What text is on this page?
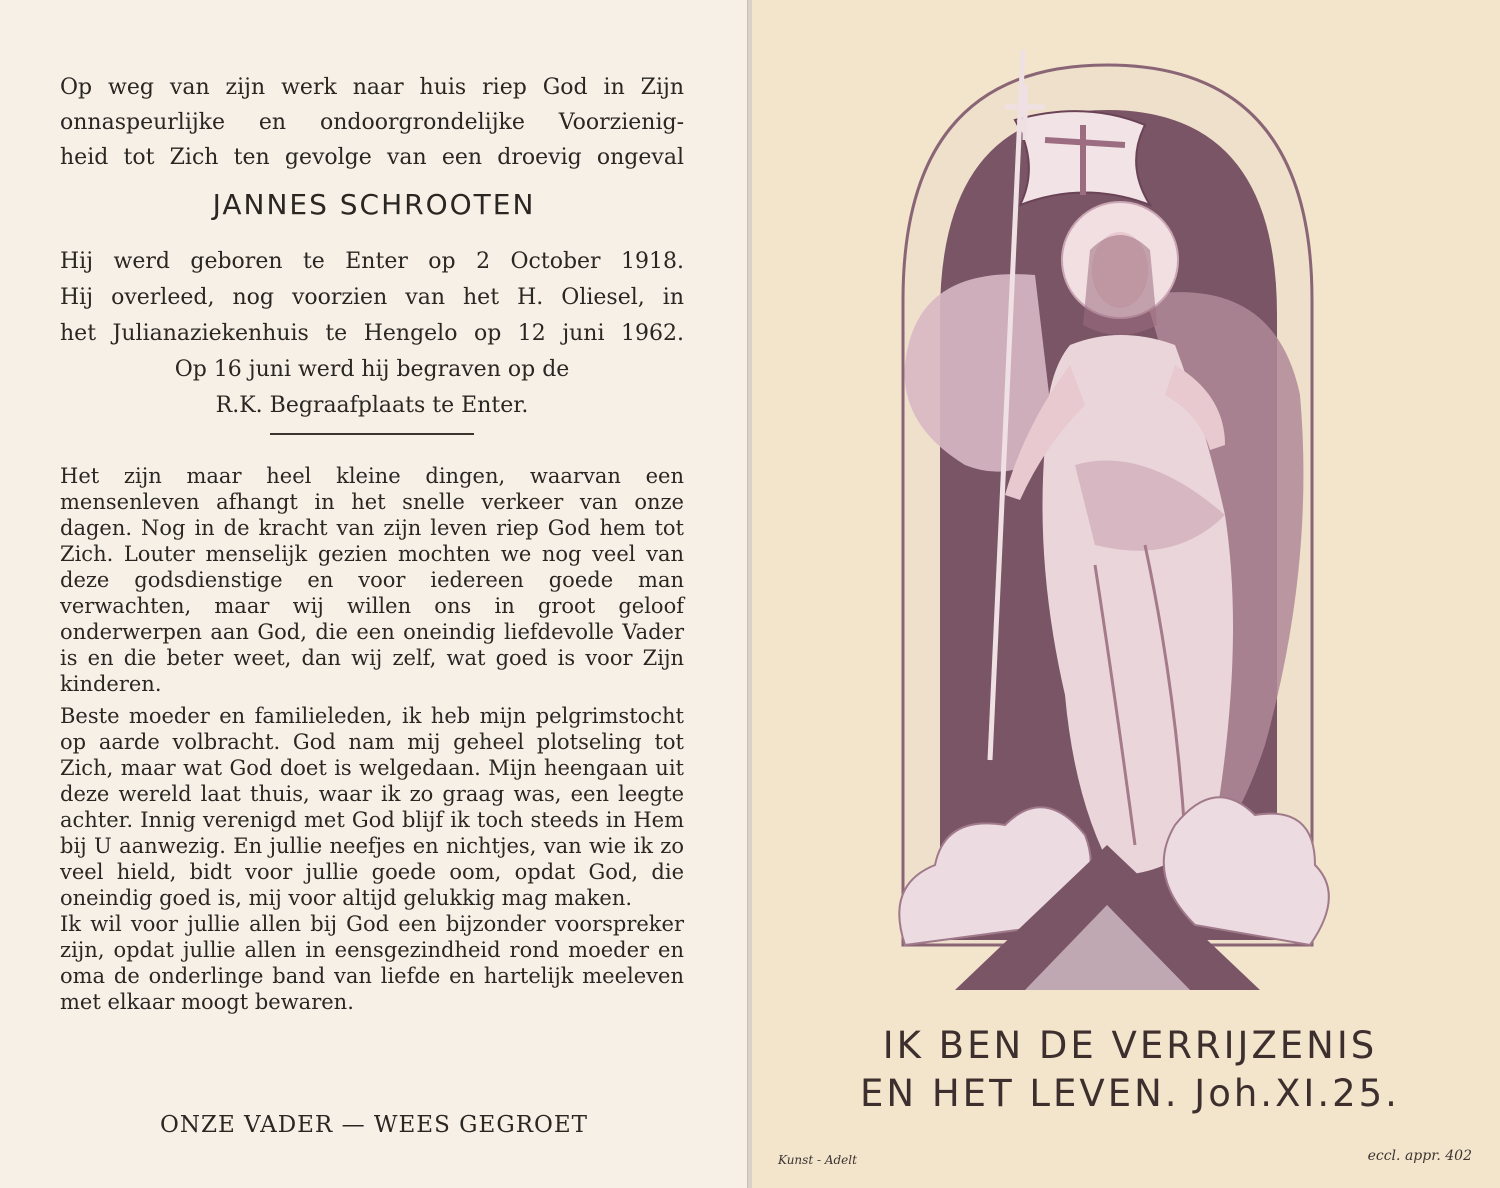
Op weg van zijn werk naar huis riep God in Zijn

onnaspeurlijke en ondoorgrondelijke Voorzienig-

heid tot Zich ten gevolge van een droevig ongeval

JANNES SCHROOTEN

Hij werd geboren te Enter op 2 October 1918.

Hij overleed, nog voorzien van het H. Oliesel, in

het Julianaziekenhuis te Hengelo op 12 juni 1962.

Op 16 juni werd hij begraven op de

R.K. Begraafplaats te Enter.

Het zijn maar heel kleine dingen, waarvan een mensenleven afhangt in het snelle verkeer van onze dagen. Nog in de kracht van zijn leven riep God hem tot Zich. Louter menselijk gezien mochten we nog veel van deze godsdienstige en voor iedereen goede man verwachten, maar wij willen ons in groot geloof onderwerpen aan God, die een oneindig liefdevolle Vader is en die beter weet, dan wij zelf, wat goed is voor Zijn kinderen.

Beste moeder en familieleden, ik heb mijn pelgrimstocht op aarde volbracht. God nam mij geheel plotseling tot Zich, maar wat God doet is welgedaan. Mijn heengaan uit deze wereld laat thuis, waar ik zo graag was, een leegte achter. Innig verenigd met God blijf ik toch steeds in Hem bij U aanwezig. En jullie neefjes en nichtjes, van wie ik zo veel hield, bidt voor jullie goede oom, opdat God, die oneindig goed is, mij voor altijd gelukkig mag maken.

Ik wil voor jullie allen bij God een bijzonder voorspreker zijn, opdat jullie allen in eensgezindheid rond moeder en oma de onderlinge band van liefde en hartelijk meeleven met elkaar moogt bewaren.

ONZE VADER — WEES GEGROET

IK BEN DE VERRIJZENIS

EN HET LEVEN. Joh.XI.25.

Kunst - Adelt	eccl. appr. 402
